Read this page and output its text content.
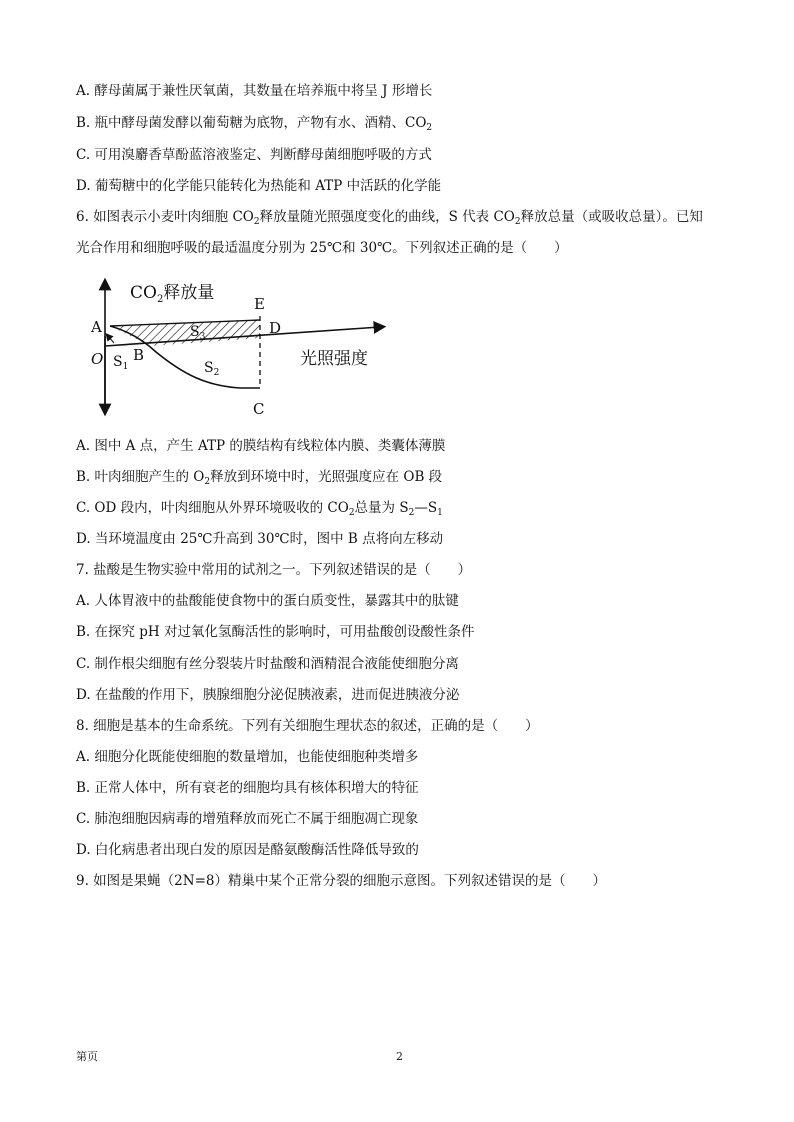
A. 酵母菌属于兼性厌氧菌，其数量在培养瓶中将呈 J 形增长
B. 瓶中酵母菌发酵以葡萄糖为底物，产物有水、酒精、$CO_2$
C. 可用溴麝香草酚蓝溶液鉴定、判断酵母菌细胞呼吸的方式
D. 葡萄糖中的化学能只能转化为热能和 ATP 中活跃的化学能
6. 如图表示小麦叶肉细胞 $CO_2$释放量随光照强度变化的曲线，S 代表 $CO_2$释放总量（或吸收总量）。已知
光合作用和细胞呼吸的最适温度分别为 25℃和 30℃。下列叙述正确的是（　　）
$CO_2$释放量
光照强度
A
O B
C
D
E
$S_1$	$S_2$
$S_3$
A. 图中 A 点，产生 ATP 的膜结构有线粒体内膜、类囊体薄膜
B. 叶肉细胞产生的 $O_2$释放到环境中时，光照强度应在 OB 段
C. OD 段内，叶肉细胞从外界环境吸收的 $CO_2$总量为 $S_2—S_1$
D. 当环境温度由 25℃升高到 30℃时，图中 B 点将向左移动
7. 盐酸是生物实验中常用的试剂之一。下列叙述错误的是（　　）
A. 人体胃液中的盐酸能使食物中的蛋白质变性，暴露其中的肽键
B. 在探究 pH 对过氧化氢酶活性的影响时，可用盐酸创设酸性条件
C. 制作根尖细胞有丝分裂装片时盐酸和酒精混合液能使细胞分离
D. 在盐酸的作用下，胰腺细胞分泌促胰液素，进而促进胰液分泌
8. 细胞是基本的生命系统。下列有关细胞生理状态的叙述，正确的是（　　）
A. 细胞分化既能使细胞的数量增加，也能使细胞种类增多
B. 正常人体中，所有衰老的细胞均具有核体积增大的特征
C. 肺泡细胞因病毒的增殖释放而死亡不属于细胞凋亡现象
D. 白化病患者出现白发的原因是酪氨酸酶活性降低导致的
9. 如图是果蝇（2N=8）精巢中某个正常分裂的细胞示意图。下列叙述错误的是（　　）
第页	2
